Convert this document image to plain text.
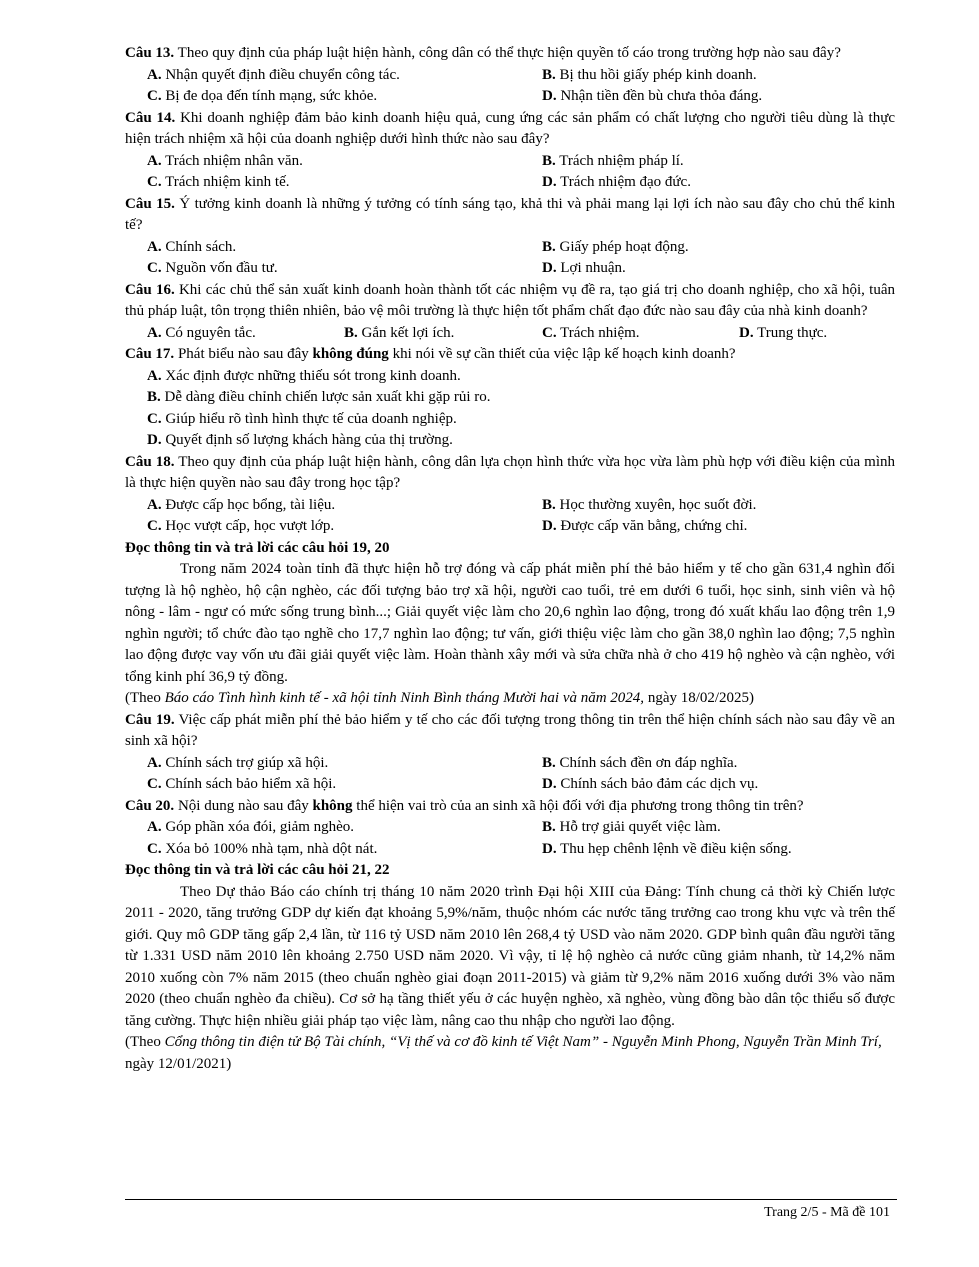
Câu 13. Theo quy định của pháp luật hiện hành, công dân có thể thực hiện quyền tố cáo trong trường hợp nào sau đây?

A. Nhận quyết định điều chuyển công tác.	B. Bị thu hồi giấy phép kinh doanh.
C. Bị đe dọa đến tính mạng, sức khỏe.	D. Nhận tiền đền bù chưa thỏa đáng.

Câu 14. Khi doanh nghiệp đảm bảo kinh doanh hiệu quả, cung ứng các sản phẩm có chất lượng cho người tiêu dùng là thực hiện trách nhiệm xã hội của doanh nghiệp dưới hình thức nào sau đây?

A. Trách nhiệm nhân văn.	B. Trách nhiệm pháp lí.
C. Trách nhiệm kinh tế.	D. Trách nhiệm đạo đức.

Câu 15. Ý tưởng kinh doanh là những ý tưởng có tính sáng tạo, khả thi và phải mang lại lợi ích nào sau đây cho chủ thể kinh tế?

A. Chính sách.	B. Giấy phép hoạt động.
C. Nguồn vốn đầu tư.	D. Lợi nhuận.

Câu 16. Khi các chủ thể sản xuất kinh doanh hoàn thành tốt các nhiệm vụ đề ra, tạo giá trị cho doanh nghiệp, cho xã hội, tuân thủ pháp luật, tôn trọng thiên nhiên, bảo vệ môi trường là thực hiện tốt phẩm chất đạo đức nào sau đây của nhà kinh doanh?

A. Có nguyên tắc.	B. Gắn kết lợi ích.	C. Trách nhiệm.	D. Trung thực.

Câu 17. Phát biểu nào sau đây không đúng khi nói về sự cần thiết của việc lập kế hoạch kinh doanh?

A. Xác định được những thiếu sót trong kinh doanh.
B. Dễ dàng điều chỉnh chiến lược sản xuất khi gặp rủi ro.
C. Giúp hiểu rõ tình hình thực tế của doanh nghiệp.
D. Quyết định số lượng khách hàng của thị trường.

Câu 18. Theo quy định của pháp luật hiện hành, công dân lựa chọn hình thức vừa học vừa làm phù hợp với điều kiện của mình là thực hiện quyền nào sau đây trong học tập?

A. Được cấp học bổng, tài liệu.	B. Học thường xuyên, học suốt đời.
C. Học vượt cấp, học vượt lớp.	D. Được cấp văn bằng, chứng chỉ.

Đọc thông tin và trả lời các câu hỏi 19, 20

Trong năm 2024 toàn tỉnh đã thực hiện hỗ trợ đóng và cấp phát miễn phí thẻ bảo hiểm y tế cho gần 631,4 nghìn đối tượng là hộ nghèo, hộ cận nghèo, các đối tượng bảo trợ xã hội, người cao tuổi, trẻ em dưới 6 tuổi, học sinh, sinh viên và hộ nông - lâm - ngư có mức sống trung bình...; Giải quyết việc làm cho 20,6 nghìn lao động, trong đó xuất khẩu lao động trên 1,9 nghìn người; tổ chức đào tạo nghề cho 17,7 nghìn lao động; tư vấn, giới thiệu việc làm cho gần 38,0 nghìn lao động; 7,5 nghìn lao động được vay vốn ưu đãi giải quyết việc làm. Hoàn thành xây mới và sửa chữa nhà ở cho 419 hộ nghèo và cận nghèo, với tổng kinh phí 36,9 tỷ đồng.

(Theo Báo cáo Tình hình kinh tế - xã hội tỉnh Ninh Bình tháng Mười hai và năm 2024, ngày 18/02/2025)

Câu 19. Việc cấp phát miễn phí thẻ bảo hiểm y tế cho các đối tượng trong thông tin trên thể hiện chính sách nào sau đây về an sinh xã hội?

A. Chính sách trợ giúp xã hội.	B. Chính sách đền ơn đáp nghĩa.
C. Chính sách bảo hiểm xã hội.	D. Chính sách bảo đảm các dịch vụ.

Câu 20. Nội dung nào sau đây không thể hiện vai trò của an sinh xã hội đối với địa phương trong thông tin trên?

A. Góp phần xóa đói, giảm nghèo.	B. Hỗ trợ giải quyết việc làm.
C. Xóa bỏ 100% nhà tạm, nhà dột nát.	D. Thu hẹp chênh lệnh về điều kiện sống.

Đọc thông tin và trả lời các câu hỏi 21, 22

Theo Dự thảo Báo cáo chính trị tháng 10 năm 2020 trình Đại hội XIII của Đảng: Tính chung cả thời kỳ Chiến lược 2011 - 2020, tăng trưởng GDP dự kiến đạt khoảng 5,9%/năm, thuộc nhóm các nước tăng trưởng cao trong khu vực và trên thế giới. Quy mô GDP tăng gấp 2,4 lần, từ 116 tỷ USD năm 2010 lên 268,4 tỷ USD vào năm 2020. GDP bình quân đầu người tăng từ 1.331 USD năm 2010 lên khoảng 2.750 USD năm 2020. Vì vậy, tỉ lệ hộ nghèo cả nước cũng giảm nhanh, từ 14,2% năm 2010 xuống còn 7% năm 2015 (theo chuẩn nghèo giai đoạn 2011-2015) và giảm từ 9,2% năm 2016 xuống dưới 3% vào năm 2020 (theo chuẩn nghèo đa chiều). Cơ sở hạ tầng thiết yếu ở các huyện nghèo, xã nghèo, vùng đồng bào dân tộc thiểu số được tăng cường. Thực hiện nhiều giải pháp tạo việc làm, nâng cao thu nhập cho người lao động.

(Theo Cổng thông tin điện tử Bộ Tài chính, “Vị thế và cơ đồ kinh tế Việt Nam” - Nguyễn Minh Phong, Nguyễn Trần Minh Trí, ngày 12/01/2021)

Trang 2/5 - Mã đề 101
